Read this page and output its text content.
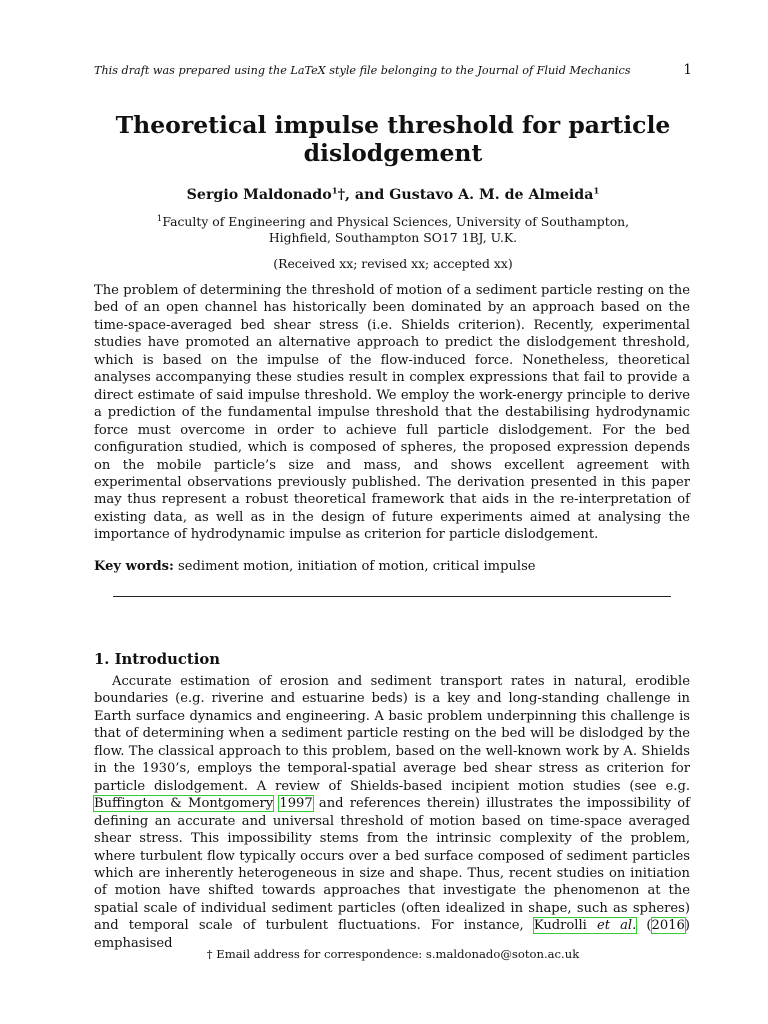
This draft was prepared using the LaTeX style file belonging to the Journal of Fluid Mechanics	1
Theoretical impulse threshold for particle dislodgement
Sergio Maldonado$^1$†, and Gustavo A. M. de Almeida$^1$
$^1$Faculty of Engineering and Physical Sciences, University of Southampton, Highfield, Southampton SO17 1BJ, U.K.
(Received xx; revised xx; accepted xx)

The problem of determining the threshold of motion of a sediment particle resting on the bed of an open channel has historically been dominated by an approach based on the time-space-averaged bed shear stress (i.e. Shields criterion). Recently, experimental studies have promoted an alternative approach to predict the dislodgement threshold, which is based on the impulse of the flow-induced force. Nonetheless, theoretical analyses accompanying these studies result in complex expressions that fail to provide a direct estimate of said impulse threshold. We employ the work-energy principle to derive a prediction of the fundamental impulse threshold that the destabilising hydrodynamic force must overcome in order to achieve full particle dislodgement. For the bed configuration studied, which is composed of spheres, the proposed expression depends on the mobile particle’s size and mass, and shows excellent agreement with experimental observations previously published. The derivation presented in this paper may thus represent a robust theoretical framework that aids in the re-interpretation of existing data, as well as in the design of future experiments aimed at analysing the importance of hydrodynamic impulse as criterion for particle dislodgement.

Key words: sediment motion, initiation of motion, critical impulse
1. Introduction

Accurate estimation of erosion and sediment transport rates in natural, erodible boundaries (e.g. riverine and estuarine beds) is a key and long-standing challenge in Earth surface dynamics and engineering. A basic problem underpinning this challenge is that of determining when a sediment particle resting on the bed will be dislodged by the flow. The classical approach to this problem, based on the well-known work by A. Shields in the 1930’s, employs the temporal-spatial average bed shear stress as criterion for particle dislodgement. A review of Shields-based incipient motion studies (see e.g. Buffington & Montgomery 1997 and references therein) illustrates the impossibility of defining an accurate and universal threshold of motion based on time-space averaged shear stress. This impossibility stems from the intrinsic complexity of the problem, where turbulent flow typically occurs over a bed surface composed of sediment particles which are inherently heterogeneous in size and shape. Thus, recent studies on initiation of motion have shifted towards approaches that investigate the phenomenon at the spatial scale of individual sediment particles (often idealized in shape, such as spheres) and temporal scale of turbulent fluctuations. For instance, Kudrolli et al. (2016) emphasised

† Email address for correspondence: s.maldonado@soton.ac.uk
